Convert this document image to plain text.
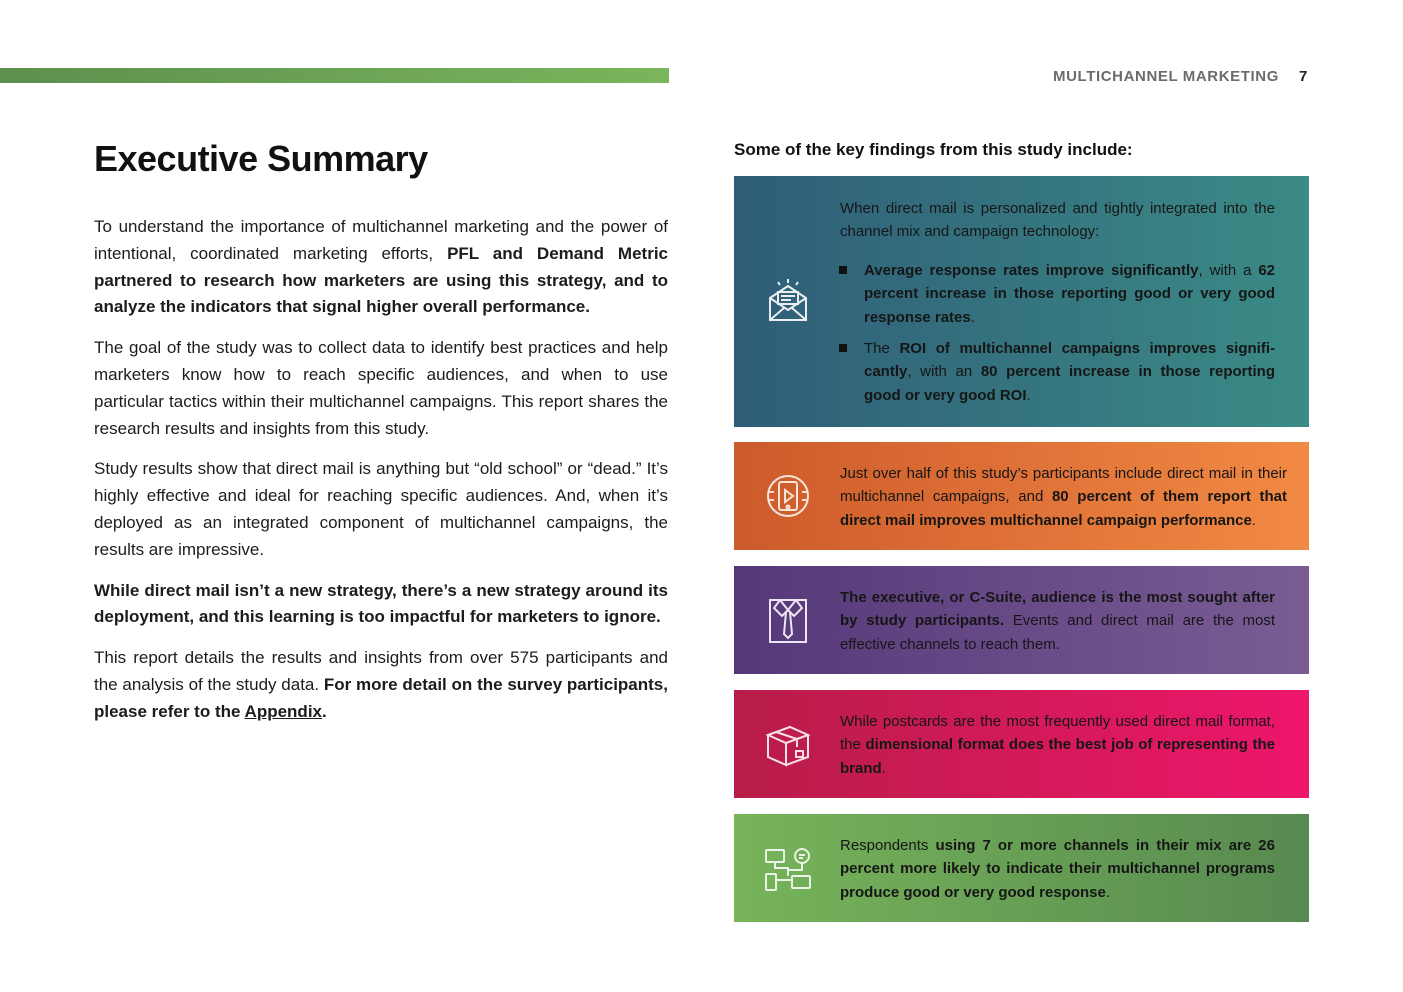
MULTICHANNEL MARKETING 7
Executive Summary

To understand the importance of multichannel marketing and the power of intentional, coordinated marketing efforts, PFL and Demand Metric partnered to research how marketers are using this strategy, and to analyze the indicators that signal higher overall performance.

The goal of the study was to collect data to identify best practices and help marketers know how to reach specific audiences, and when to use particular tactics within their multichannel campaigns. This report shares the research results and insights from this study.

Study results show that direct mail is anything but “old school” or “dead.” It’s highly effective and ideal for reaching specific audiences. And, when it’s deployed as an integrated component of multichannel campaigns, the results are impressive.

While direct mail isn’t a new strategy, there’s a new strategy around its deployment, and this learning is too impactful for marketers to ignore.

This report details the results and insights from over 575 participants and the analysis of the study data. For more detail on the survey participants, please refer to the Appendix.

Some of the key findings from this study include:
When direct mail is personalized and tightly integrated into the channel mix and campaign technology:
Average response rates improve significantly, with a 62 percent increase in those reporting good or very good response rates.
The ROI of multichannel campaigns improves significantly, with an 80 percent increase in those reporting good or very good ROI.
Just over half of this study’s participants include direct mail in their multichannel campaigns, and 80 percent of them report that direct mail improves multichannel campaign performance.
The executive, or C-Suite, audience is the most sought after by study participants. Events and direct mail are the most effective channels to reach them.
While postcards are the most frequently used direct mail format, the dimensional format does the best job of representing the brand.
Respondents using 7 or more channels in their mix are 26 percent more likely to indicate their multichannel programs produce good or very good response.
